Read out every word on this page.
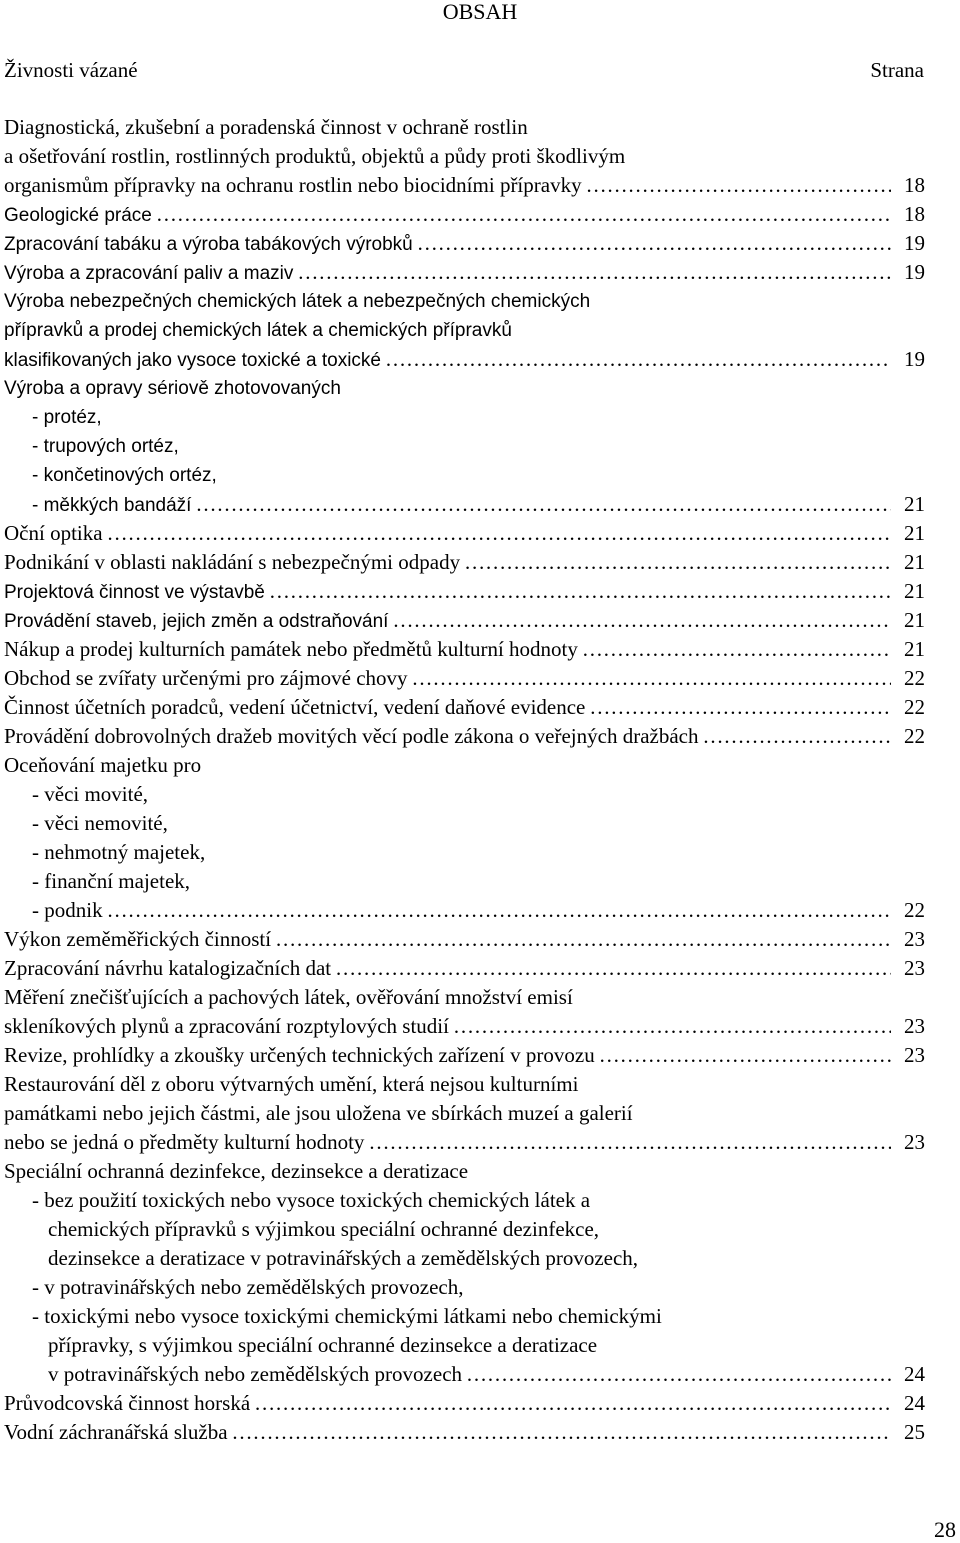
OBSAH
Živnosti vázané	Strana
Diagnostická, zkušební a poradenská činnost v ochraně rostlin
a ošetřování rostlin, rostlinných produktů, objektů a půdy proti škodlivým
organismům přípravky na ochranu rostlin nebo biocidními přípravky ………………………………………………………………………………………………………………………………………………………………………………………………………	18
Geologické práce ………………………………………………………………………………………………………………………………………………………………………………………………………	18
Zpracování tabáku a výroba tabákových výrobků ………………………………………………………………………………………………………………………………………………………………………………………………………	19
Výroba a zpracování paliv a maziv ………………………………………………………………………………………………………………………………………………………………………………………………………	19
Výroba nebezpečných chemických látek a nebezpečných chemických
přípravků a prodej chemických látek a chemických přípravků
klasifikovaných jako vysoce toxické a toxické ………………………………………………………………………………………………………………………………………………………………………………………………………	19
Výroba a opravy sériově zhotovovaných
- protéz,
- trupových ortéz,
- končetinových ortéz,
- měkkých bandáží ………………………………………………………………………………………………………………………………………………………………………………………………………	21
Oční optika ………………………………………………………………………………………………………………………………………………………………………………………………………	21
Podnikání v oblasti nakládání s nebezpečnými odpady ………………………………………………………………………………………………………………………………………………………………………………………………………	21
Projektová činnost ve výstavbě ………………………………………………………………………………………………………………………………………………………………………………………………………	21
Provádění staveb, jejich změn a odstraňování ………………………………………………………………………………………………………………………………………………………………………………………………………	21
Nákup a prodej kulturních památek nebo předmětů kulturní hodnoty ………………………………………………………………………………………………………………………………………………………………………………………………………	21
Obchod se zvířaty určenými pro zájmové chovy ………………………………………………………………………………………………………………………………………………………………………………………………………	22
Činnost účetních poradců, vedení účetnictví, vedení daňové evidence ………………………………………………………………………………………………………………………………………………………………………………………………………	22
Provádění dobrovolných dražeb movitých věcí podle zákona o veřejných dražbách ………………………………………………………………………………………………………………………………………………………………………………………………………	22
Oceňování majetku pro
- věci movité,
- věci nemovité,
- nehmotný majetek,
- finanční majetek,
- podnik ………………………………………………………………………………………………………………………………………………………………………………………………………	22
Výkon zeměměřických činností ………………………………………………………………………………………………………………………………………………………………………………………………………	23
Zpracování návrhu katalogizačních dat ………………………………………………………………………………………………………………………………………………………………………………………………………	23
Měření znečišťujících a pachových látek, ověřování množství emisí
skleníkových plynů a zpracování rozptylových studií ………………………………………………………………………………………………………………………………………………………………………………………………………	23
Revize, prohlídky a zkoušky určených technických zařízení v provozu ………………………………………………………………………………………………………………………………………………………………………………………………………	23
Restaurování děl z oboru výtvarných umění, která nejsou kulturními
památkami nebo jejich částmi, ale jsou uložena ve sbírkách muzeí a galerií
nebo se jedná o předměty kulturní hodnoty ………………………………………………………………………………………………………………………………………………………………………………………………………	23
Speciální ochranná dezinfekce, dezinsekce a deratizace
- bez použití toxických nebo vysoce toxických chemických látek a
chemických přípravků s výjimkou speciální ochranné dezinfekce,
dezinsekce a deratizace v potravinářských a zemědělských provozech,
- v potravinářských nebo zemědělských provozech,
- toxickými nebo vysoce toxickými chemickými látkami nebo chemickými
přípravky, s výjimkou speciální ochranné dezinsekce a deratizace
v potravinářských nebo zemědělských provozech ………………………………………………………………………………………………………………………………………………………………………………………………………	24
Průvodcovská činnost horská ………………………………………………………………………………………………………………………………………………………………………………………………………	24
Vodní záchranářská služba ………………………………………………………………………………………………………………………………………………………………………………………………………	25
28
